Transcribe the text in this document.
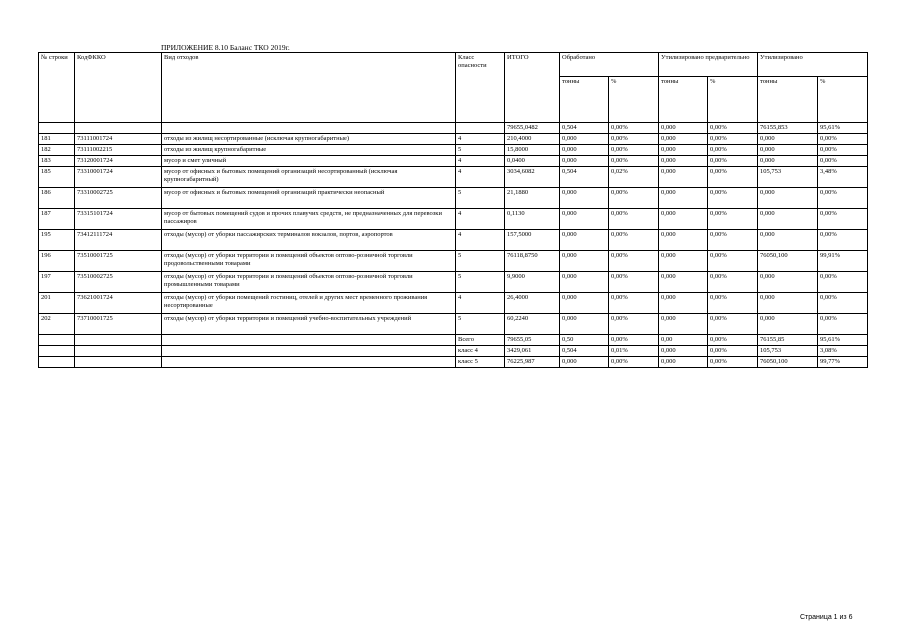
ПРИЛОЖЕНИЕ 8.10 Баланс ТКО 2019г.
№ строки	КодФККО	Вид отходов	Класс опасности	ИТОГО	Обработано		Утилизировано предварительно		Утилизировано	
					тонны	%	тонны	%	тонны	%
				79655,0482	0,504	0,00%	0,000	0,00%	76155,853	95,61%
181	73111001724	отходы из жилищ несортированные (исключая крупногабаритные)	4	210,4000	0,000	0,00%	0,000	0,00%	0,000	0,00%
182	73111002215	отходы из жилищ крупногабаритные	5	15,8000	0,000	0,00%	0,000	0,00%	0,000	0,00%
183	73120001724	мусор и смет уличный	4	0,0400	0,000	0,00%	0,000	0,00%	0,000	0,00%
185	73310001724	мусор от офисных и бытовых помещений организаций несортированный (исключая крупногабаритный)	4	3034,6082	0,504	0,02%	0,000	0,00%	105,753	3,48%
186	73310002725	мусор от офисных и бытовых помещений организаций практически неопасный	5	21,1880	0,000	0,00%	0,000	0,00%	0,000	0,00%
187	73315101724	мусор от бытовых помещений судов и прочих плавучих средств, не предназначенных для перевозки пассажиров	4	0,1130	0,000	0,00%	0,000	0,00%	0,000	0,00%
195	73412111724	отходы (мусор) от уборки пассажирских терминалов вокзалов, портов, аэропортов	4	157,5000	0,000	0,00%	0,000	0,00%	0,000	0,00%
196	73510001725	отходы (мусор) от уборки территории и помещений объектов оптово-розничной торговли продовольственными товарами	5	76118,8750	0,000	0,00%	0,000	0,00%	76050,100	99,91%
197	73510002725	отходы (мусор) от уборки территории и помещений объектов оптово-розничной торговли промышленными товарами	5	9,9000	0,000	0,00%	0,000	0,00%	0,000	0,00%
201	73621001724	отходы (мусор) от уборки помещений гостиниц, отелей и других мест временного проживания несортированные	4	26,4000	0,000	0,00%	0,000	0,00%	0,000	0,00%
202	73710001725	отходы (мусор) от уборки территории и помещений учебно-воспитательных учреждений	5	60,2240	0,000	0,00%	0,000	0,00%	0,000	0,00%
			Всего	79655,05	0,50	0,00%	0,00	0,00%	76155,85	95,61%
			класс 4	3429,061	0,504	0,01%	0,000	0,00%	105,753	3,08%
			класс 5	76225,987	0,000	0,00%	0,000	0,00%	76050,100	99,77%
Страница 1 из 6
